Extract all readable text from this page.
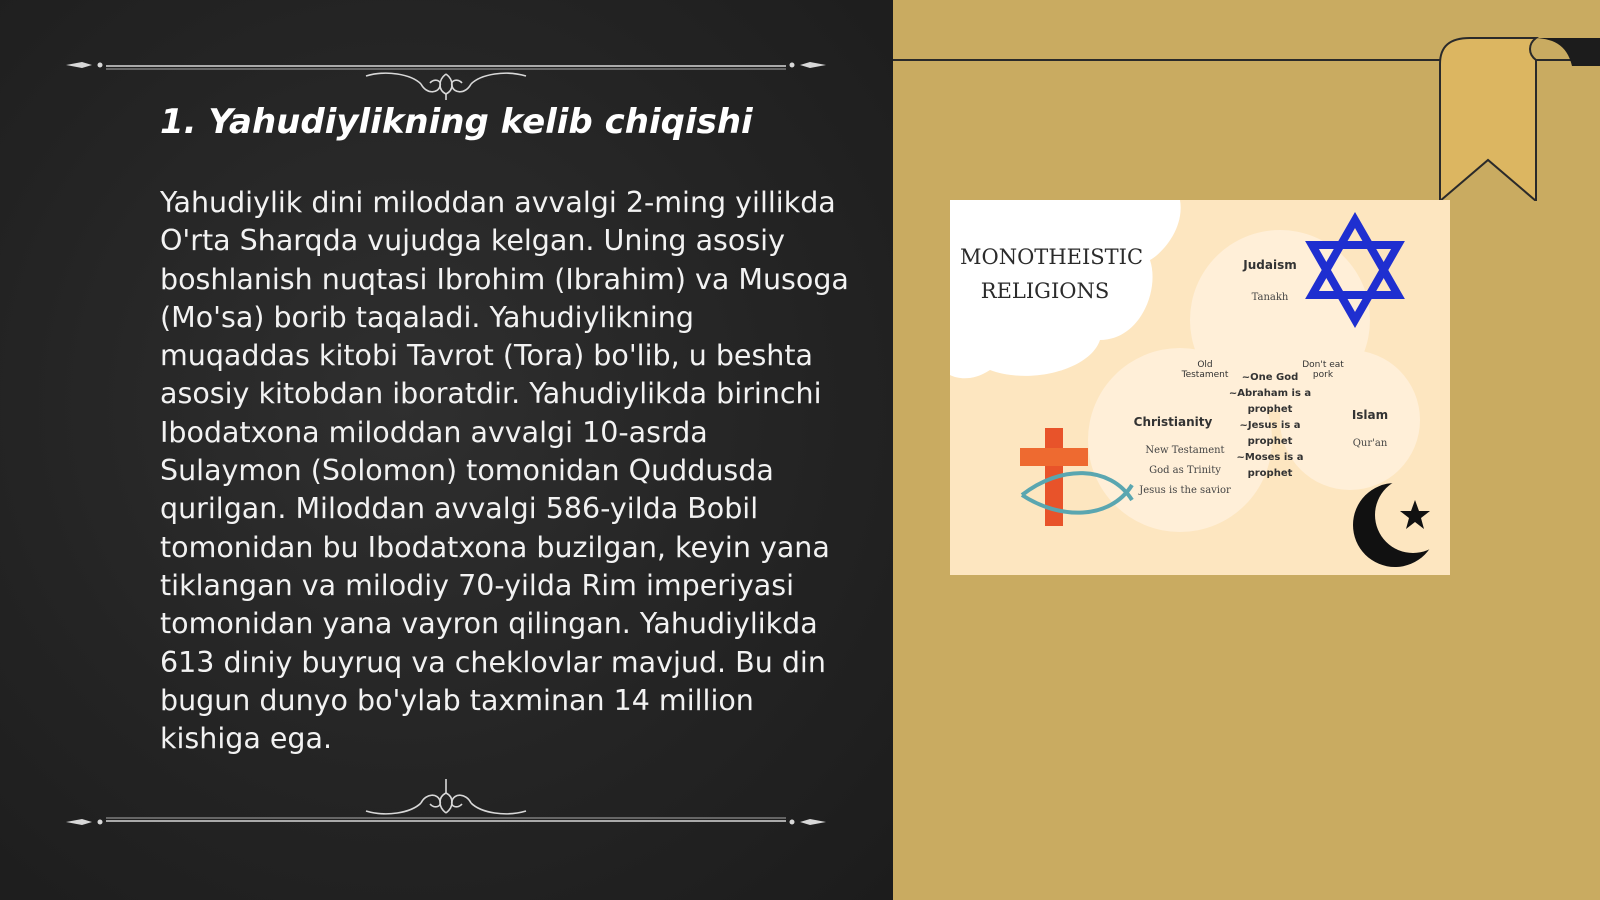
1. Yahudiylikning kelib chiqishi

Yahudiylik dini miloddan avvalgi 2-ming yillikda O'rta Sharqda vujudga kelgan. Uning asosiy boshlanish nuqtasi Ibrohim (Ibrahim) va Musoga (Mo'sa) borib taqaladi. Yahudiylikning muqaddas kitobi Tavrot (Tora) bo'lib, u beshta asosiy kitobdan iboratdir. Yahudiylikda birinchi Ibodatxona miloddan avvalgi 10-asrda Sulaymon (Solomon) tomonidan Quddusda qurilgan. Miloddan avvalgi 586-yilda Bobil tomonidan bu Ibodatxona buzilgan, keyin yana tiklangan va milodiy 70-yilda Rim imperiyasi tomonidan yana vayron qilingan. Yahudiylikda 613 diniy buyruq va cheklovlar mavjud. Bu din bugun dunyo bo'ylab taxminan 14 million kishiga ega.

MONOTHEISTIC RELIGIONS
Judaism
Tanakh
Old Testament
Don't eat pork
~One God
~Abraham is a prophet
~Jesus is a prophet
~Moses is a prophet
Christianity
New Testament
God as Trinity
Jesus is the savior
Islam
Qur'an
